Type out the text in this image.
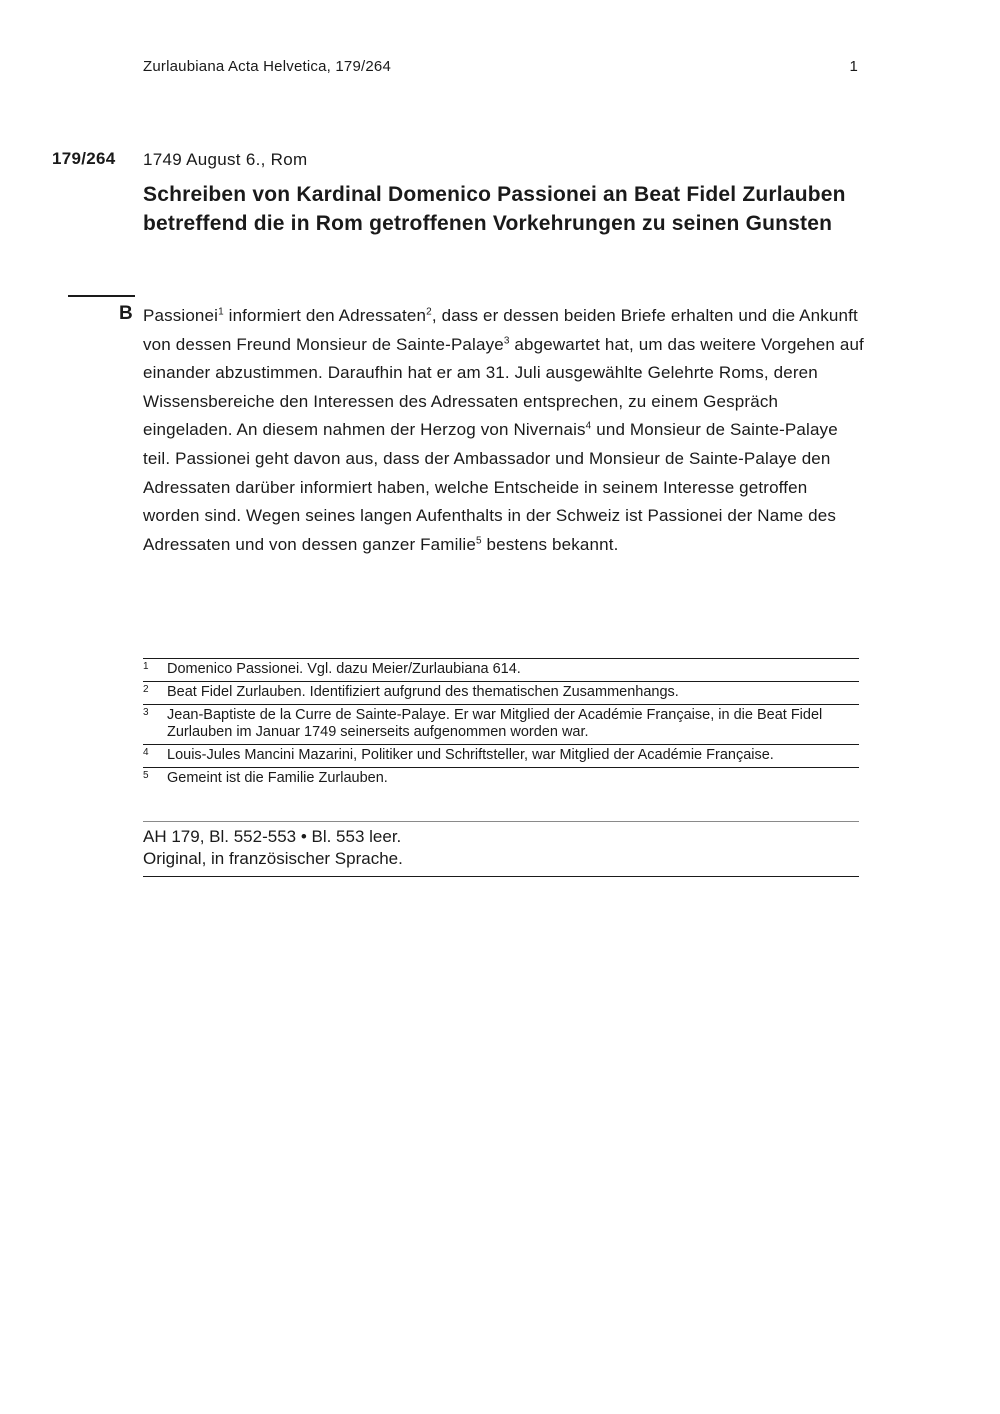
Zurlaubiana Acta Helvetica, 179/264	1
179/264 1749 August 6., Rom
Schreiben von Kardinal Domenico Passionei an Beat Fidel Zurlauben betreffend die in Rom getroffenen Vorkehrungen zu seinen Gunsten
B Passionei$^1$ informiert den Adressaten$^2$, dass er dessen beiden Briefe erhalten und die Ankunft von dessen Freund Monsieur de Sainte-Palaye$^3$ abgewartet hat, um das weitere Vorgehen auf einander abzustimmen. Daraufhin hat er am 31. Juli ausgewählte Gelehrte Roms, deren Wissensbereiche den Interessen des Adressaten entsprechen, zu einem Gespräch eingeladen. An diesem nahmen der Herzog von Nivernais$^4$ und Monsieur de Sainte-Palaye teil. Passionei geht davon aus, dass der Ambassador und Monsieur de Sainte-Palaye den Adressaten darüber informiert haben, welche Entscheide in seinem Interesse getroffen worden sind. Wegen seines langen Aufenthalts in der Schweiz ist Passionei der Name des Adressaten und von dessen ganzer Familie$^5$ bestens bekannt.

1	Domenico Passionei. Vgl. dazu Meier/Zurlaubiana 614.
2	Beat Fidel Zurlauben. Identifiziert aufgrund des thematischen Zusammenhangs.
3	Jean-Baptiste de la Curre de Sainte-Palaye. Er war Mitglied der Académie Française, in die Beat Fidel Zurlauben im Januar 1749 seinerseits aufgenommen worden war.
4	Louis-Jules Mancini Mazarini, Politiker und Schriftsteller, war Mitglied der Académie Française.
5	Gemeint ist die Familie Zurlauben.
AH 179, Bl. 552-553 • Bl. 553 leer.
Original, in französischer Sprache.
